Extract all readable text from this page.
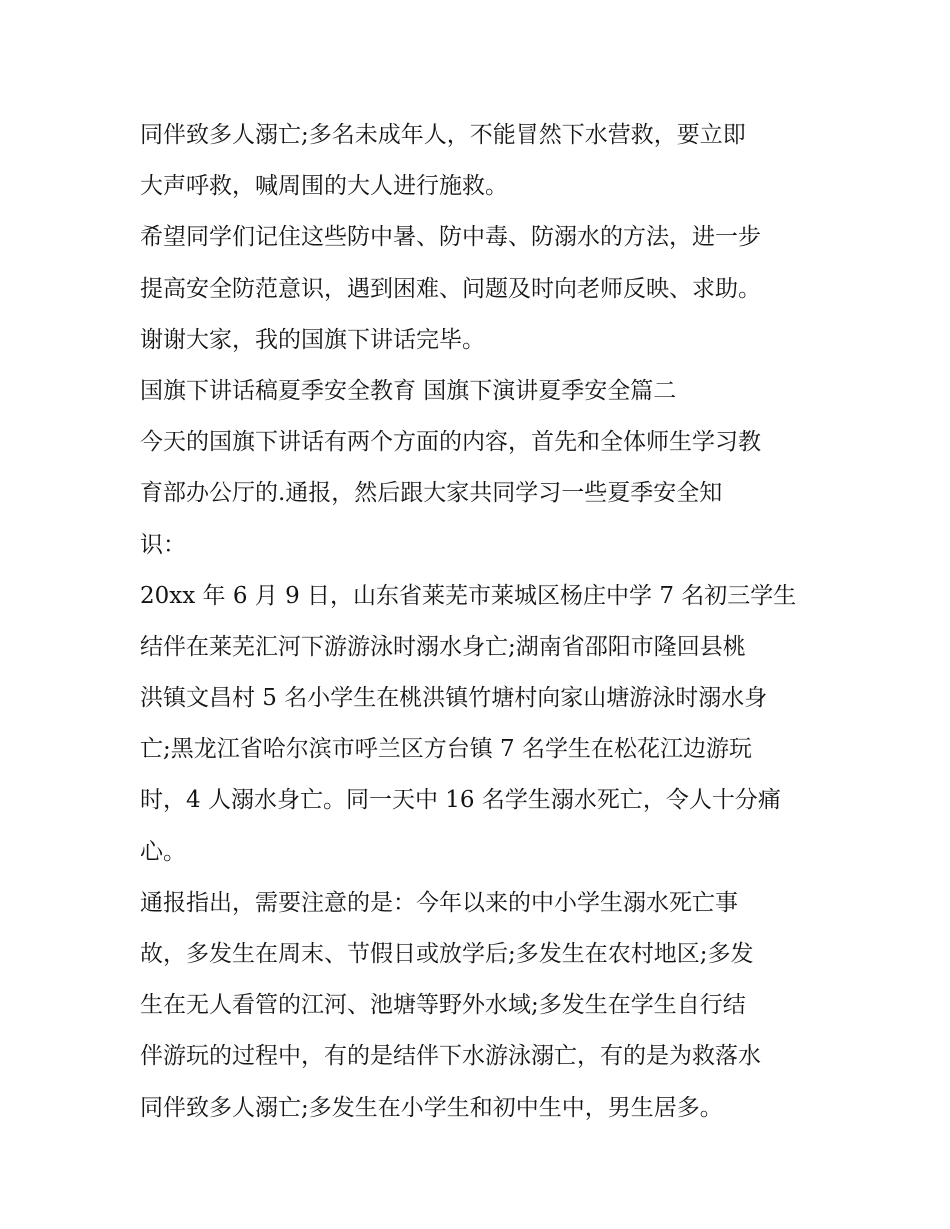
同伴致多人溺亡;多名未成年人，不能冒然下水营救，要立即
大声呼救，喊周围的大人进行施救。
希望同学们记住这些防中暑、防中毒、防溺水的方法，进一步
提高安全防范意识，遇到困难、问题及时向老师反映、求助。
谢谢大家，我的国旗下讲话完毕。
国旗下讲话稿夏季安全教育 国旗下演讲夏季安全篇二
今天的国旗下讲话有两个方面的内容，首先和全体师生学习教
育部办公厅的.通报，然后跟大家共同学习一些夏季安全知
识：
20xx 年 6 月 9 日，山东省莱芜市莱城区杨庄中学 7 名初三学生
结伴在莱芜汇河下游游泳时溺水身亡;湖南省邵阳市隆回县桃
洪镇文昌村 5 名小学生在桃洪镇竹塘村向家山塘游泳时溺水身
亡;黑龙江省哈尔滨市呼兰区方台镇 7 名学生在松花江边游玩
时，4 人溺水身亡。同一天中 16 名学生溺水死亡，令人十分痛
心。
通报指出，需要注意的是：今年以来的中小学生溺水死亡事
故，多发生在周末、节假日或放学后;多发生在农村地区;多发
生在无人看管的江河、池塘等野外水域;多发生在学生自行结
伴游玩的过程中，有的是结伴下水游泳溺亡，有的是为救落水
同伴致多人溺亡;多发生在小学生和初中生中，男生居多。
